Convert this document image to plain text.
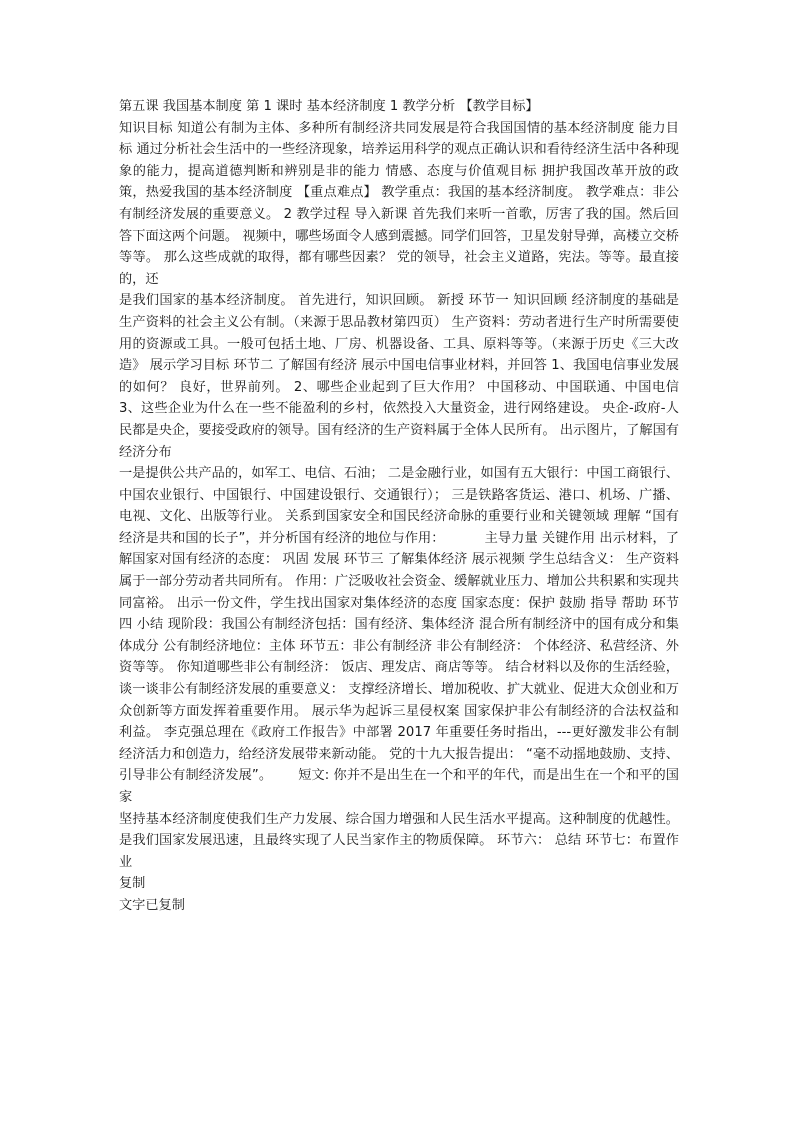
第五课 我国基本制度 第 1 课时 基本经济制度 1 教学分析 【教学目标】

知识目标 知道公有制为主体、多种所有制经济共同发展是符合我国国情的基本经济制度 能力目标 通过分析社会生活中的一些经济现象，培养运用科学的观点正确认识和看待经济生活中各种现象的能力，提高道德判断和辨别是非的能力 情感、态度与价值观目标 拥护我国改革开放的政策，热爱我国的基本经济制度 【重点难点】 教学重点：我国的基本经济制度。 教学难点：非公有制经济发展的重要意义。 2 教学过程 导入新课 首先我们来听一首歌，厉害了我的国。然后回答下面这两个问题。 视频中，哪些场面令人感到震撼。同学们回答，卫星发射导弹，高楼立交桥等等。 那么这些成就的取得，都有哪些因素？ 党的领导，社会主义道路，宪法。等等。最直接的，还

是我们国家的基本经济制度。 首先进行，知识回顾。 新授 环节一 知识回顾 经济制度的基础是生产资料的社会主义公有制。（来源于思品教材第四页） 生产资料：劳动者进行生产时所需要使用的资源或工具。一般可包括土地、厂房、机器设备、工具、原料等等。（来源于历史《三大改造》 展示学习目标 环节二 了解国有经济 展示中国电信事业材料，并回答 1、我国电信事业发展的如何？ 良好，世界前列。 2、哪些企业起到了巨大作用？ 中国移动、中国联通、中国电信 3、这些企业为什么在一些不能盈利的乡村，依然投入大量资金，进行网络建设。 央企-政府-人民都是央企，要接受政府的领导。国有经济的生产资料属于全体人民所有。 出示图片，了解国有经济分布

一是提供公共产品的，如军工、电信、石油； 二是金融行业，如国有五大银行：中国工商银行、中国农业银行、中国银行、中国建设银行、交通银行）； 三是铁路客货运、港口、机场、广播、电视、文化、出版等行业。 关系到国家安全和国民经济命脉的重要行业和关键领域 理解 “国有经济是共和国的长子”，并分析国有经济的地位与作用：	主导力量 关键作用 出示材料，了解国家对国有经济的态度： 巩固 发展 环节三 了解集体经济 展示视频 学生总结含义： 生产资料属于一部分劳动者共同所有。 作用：广泛吸收社会资金、缓解就业压力、增加公共积累和实现共同富裕。 出示一份文件，学生找出国家对集体经济的态度 国家态度：保护 鼓励 指导 帮助 环节四 小结 现阶段：我国公有制经济包括：国有经济、集体经济 混合所有制经济中的国有成分和集体成分 公有制经济地位：主体 环节五：非公有制经济 非公有制经济： 个体经济、私营经济、外资等等。 你知道哪些非公有制经济： 饭店、理发店、商店等等。 结合材料以及你的生活经验，谈一谈非公有制经济发展的重要意义： 支撑经济增长、增加税收、扩大就业、促进大众创业和万众创新等方面发挥着重要作用。 展示华为起诉三星侵权案 国家保护非公有制经济的合法权益和利益。 李克强总理在《政府工作报告》中部署 2017 年重要任务时指出，---更好激发非公有制经济活力和创造力，给经济发展带来新动能。 党的十九大报告提出： “毫不动摇地鼓励、支持、引导非公有制经济发展”。 短文: 你并不是出生在一个和平的年代，而是出生在一个和平的国家

坚持基本经济制度使我们生产力发展、综合国力增强和人民生活水平提高。这种制度的优越性。是我们国家发展迅速，且最终实现了人民当家作主的物质保障。 环节六： 总结 环节七：布置作业

复制

文字已复制
